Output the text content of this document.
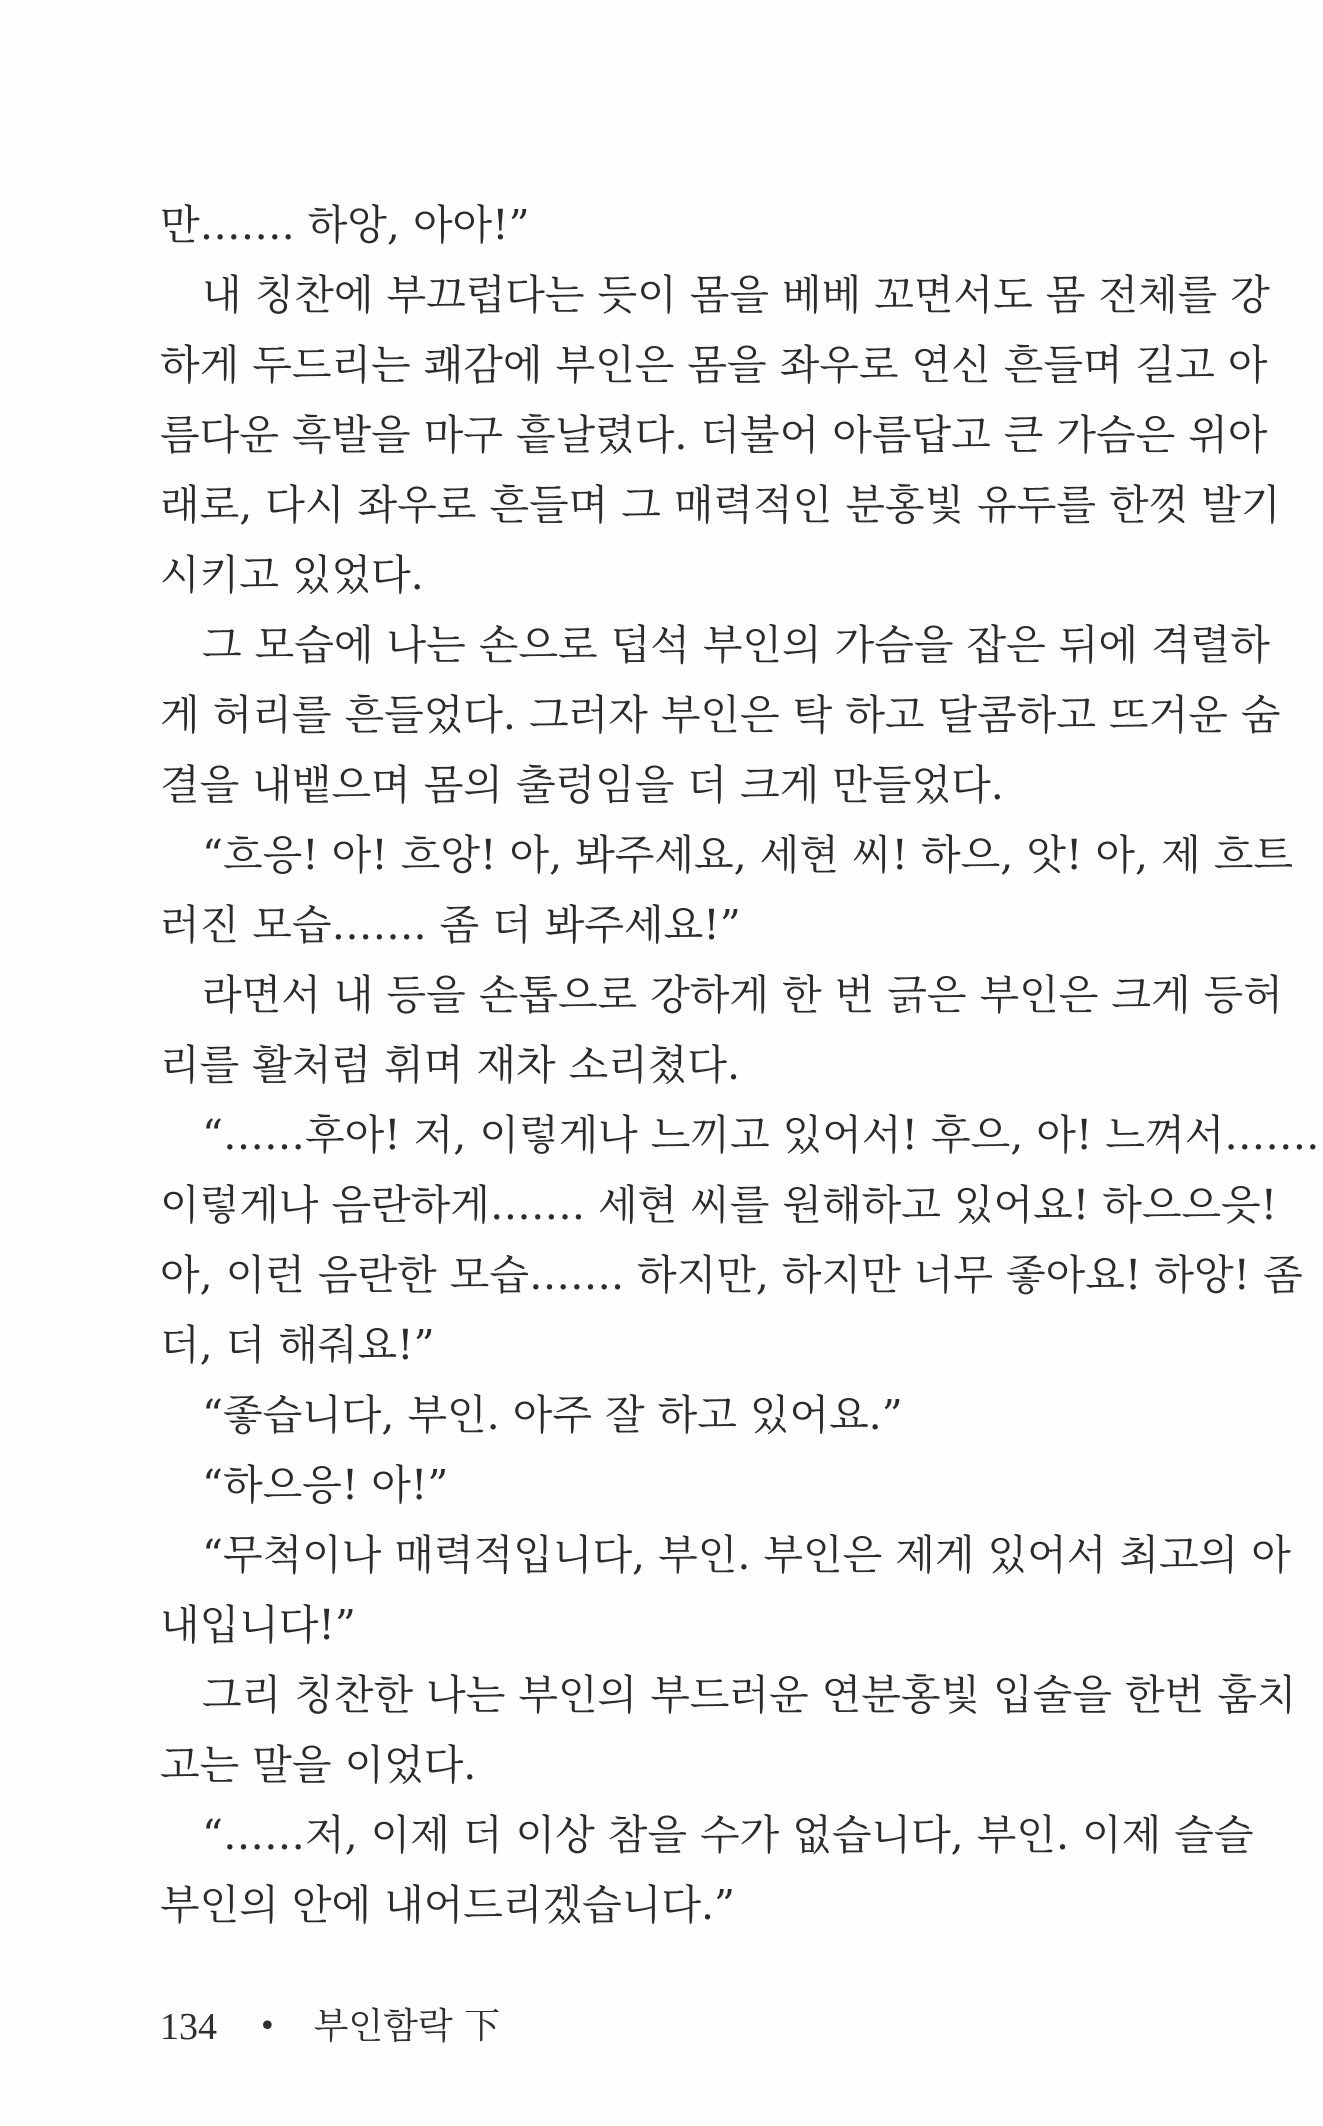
만……. 하앙, 아아!”
내 칭찬에 부끄럽다는 듯이 몸을 베베 꼬면서도 몸 전체를 강
하게 두드리는 쾌감에 부인은 몸을 좌우로 연신 흔들며 길고 아
름다운 흑발을 마구 흩날렸다. 더불어 아름답고 큰 가슴은 위아
래로, 다시 좌우로 흔들며 그 매력적인 분홍빛 유두를 한껏 발기
시키고 있었다.
그 모습에 나는 손으로 덥석 부인의 가슴을 잡은 뒤에 격렬하
게 허리를 흔들었다. 그러자 부인은 탁 하고 달콤하고 뜨거운 숨
결을 내뱉으며 몸의 출렁임을 더 크게 만들었다.
“흐응! 아! 흐앙! 아, 봐주세요, 세현 씨! 하으, 앗! 아, 제 흐트
러진 모습……. 좀 더 봐주세요!”
라면서 내 등을 손톱으로 강하게 한 번 긁은 부인은 크게 등허
리를 활처럼 휘며 재차 소리쳤다.
“……후아! 저, 이렇게나 느끼고 있어서! 후으, 아! 느껴서…….
이렇게나 음란하게……. 세현 씨를 원해하고 있어요! 하으으읏!
아, 이런 음란한 모습……. 하지만, 하지만 너무 좋아요! 하앙! 좀
더, 더 해줘요!”
“좋습니다, 부인. 아주 잘 하고 있어요.”
“하으응! 아!”
“무척이나 매력적입니다, 부인. 부인은 제게 있어서 최고의 아
내입니다!”
그리 칭찬한 나는 부인의 부드러운 연분홍빛 입술을 한번 훔치
고는 말을 이었다.
“……저, 이제 더 이상 참을 수가 없습니다, 부인. 이제 슬슬
부인의 안에 내어드리겠습니다.”
134 • 부인함락 下
